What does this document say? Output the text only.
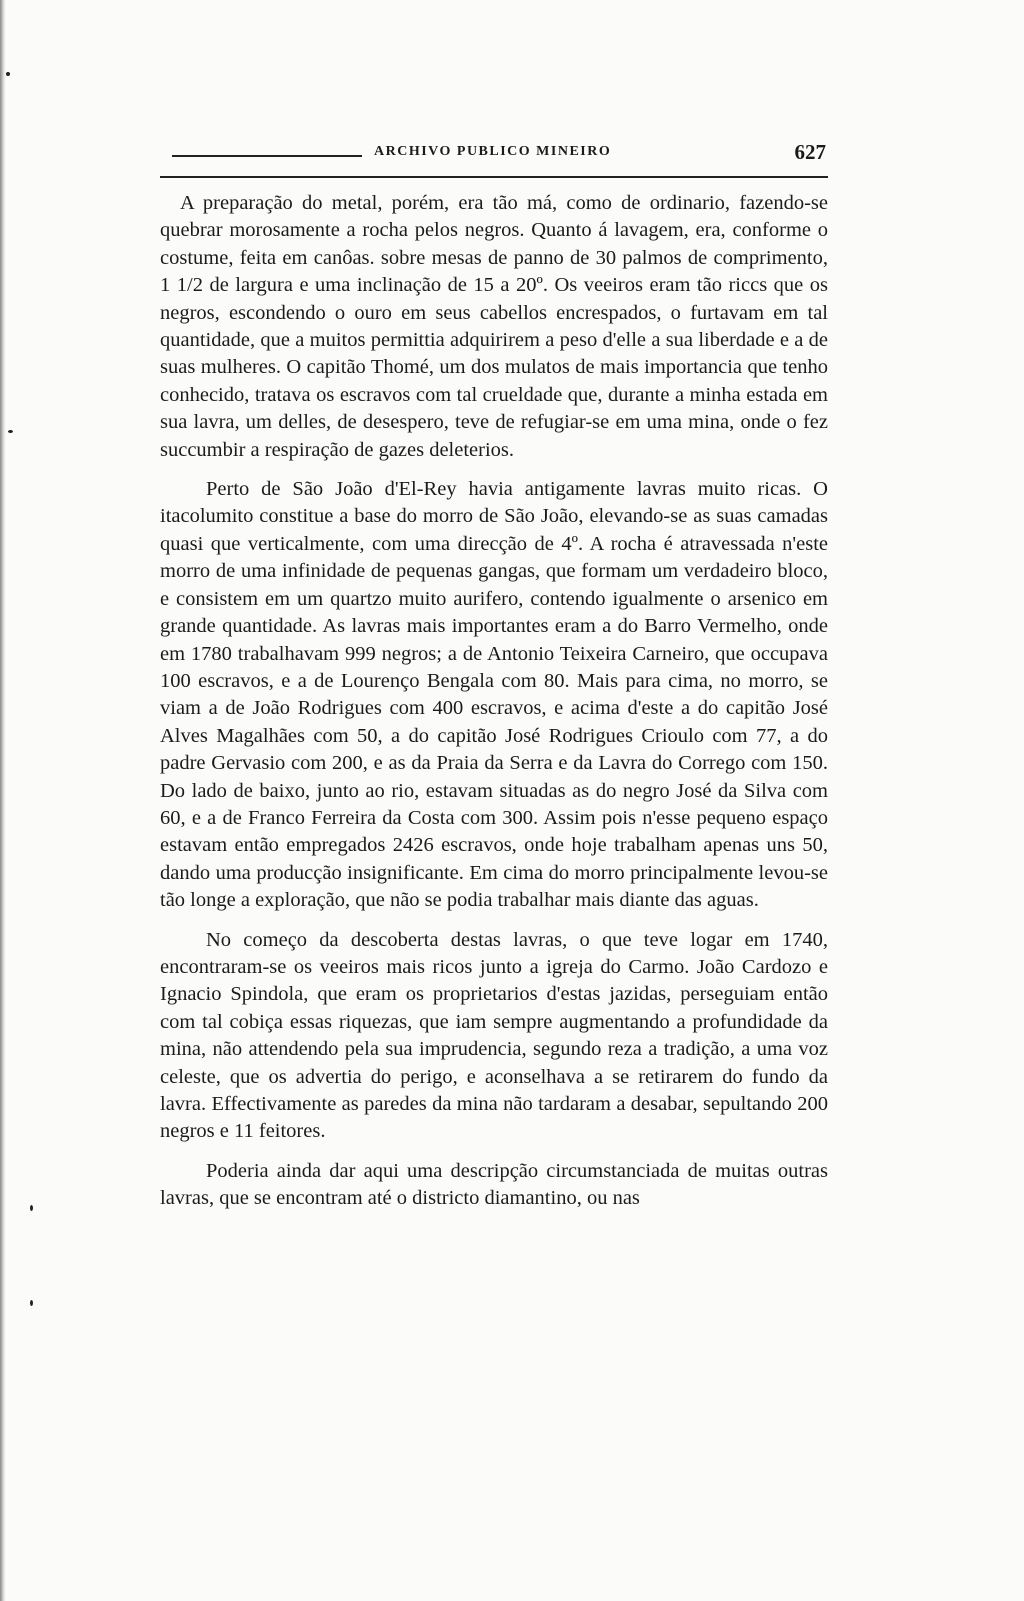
ARCHIVO PUBLICO MINEIRO	627

A preparação do metal, porém, era tão má, como de ordinario, fazendo-se quebrar morosamente a rocha pelos negros. Quanto á lavagem, era, conforme o costume, feita em canôas. sobre mesas de panno de 30 palmos de comprimento, 1 1/2 de largura e uma inclinação de 15 a 20º. Os veeiros eram tão riccs que os negros, escondendo o ouro em seus cabellos encrespados, o furtavam em tal quantidade, que a muitos permittia adquirirem a peso d'elle a sua liberdade e a de suas mulheres. O capitão Thomé, um dos mulatos de mais importancia que tenho conhecido, tratava os escravos com tal crueldade que, durante a minha estada em sua lavra, um delles, de desespero, teve de refugiar-se em uma mina, onde o fez succumbir a respiração de gazes deleterios.

Perto de São João d'El-Rey havia antigamente lavras muito ricas. O itacolumito constitue a base do morro de São João, elevando-se as suas camadas quasi que verticalmente, com uma direcção de 4º. A rocha é atravessada n'este morro de uma infinidade de pequenas gangas, que formam um verdadeiro bloco, e consistem em um quartzo muito aurifero, contendo igualmente o arsenico em grande quantidade. As lavras mais importantes eram a do Barro Vermelho, onde em 1780 trabalhavam 999 negros; a de Antonio Teixeira Carneiro, que occupava 100 escravos, e a de Lourenço Bengala com 80. Mais para cima, no morro, se viam a de João Rodrigues com 400 escravos, e acima d'este a do capitão José Alves Magalhães com 50, a do capitão José Rodrigues Crioulo com 77, a do padre Gervasio com 200, e as da Praia da Serra e da Lavra do Corrego com 150. Do lado de baixo, junto ao rio, estavam situadas as do negro José da Silva com 60, e a de Franco Ferreira da Costa com 300. Assim pois n'esse pequeno espaço estavam então empregados 2426 escravos, onde hoje trabalham apenas uns 50, dando uma producção insignificante. Em cima do morro principalmente levou-se tão longe a exploração, que não se podia trabalhar mais diante das aguas.

No começo da descoberta destas lavras, o que teve logar em 1740, encontraram-se os veeiros mais ricos junto a igreja do Carmo. João Cardozo e Ignacio Spindola, que eram os proprietarios d'estas jazidas, perseguiam então com tal cobiça essas riquezas, que iam sempre augmentando a profundidade da mina, não attendendo pela sua imprudencia, segundo reza a tradição, a uma voz celeste, que os advertia do perigo, e aconselhava a se retirarem do fundo da lavra. Effectivamente as paredes da mina não tardaram a desabar, sepultando 200 negros e 11 feitores.

Poderia ainda dar aqui uma descripção circumstanciada de muitas outras lavras, que se encontram até o districto diamantino, ou nas
